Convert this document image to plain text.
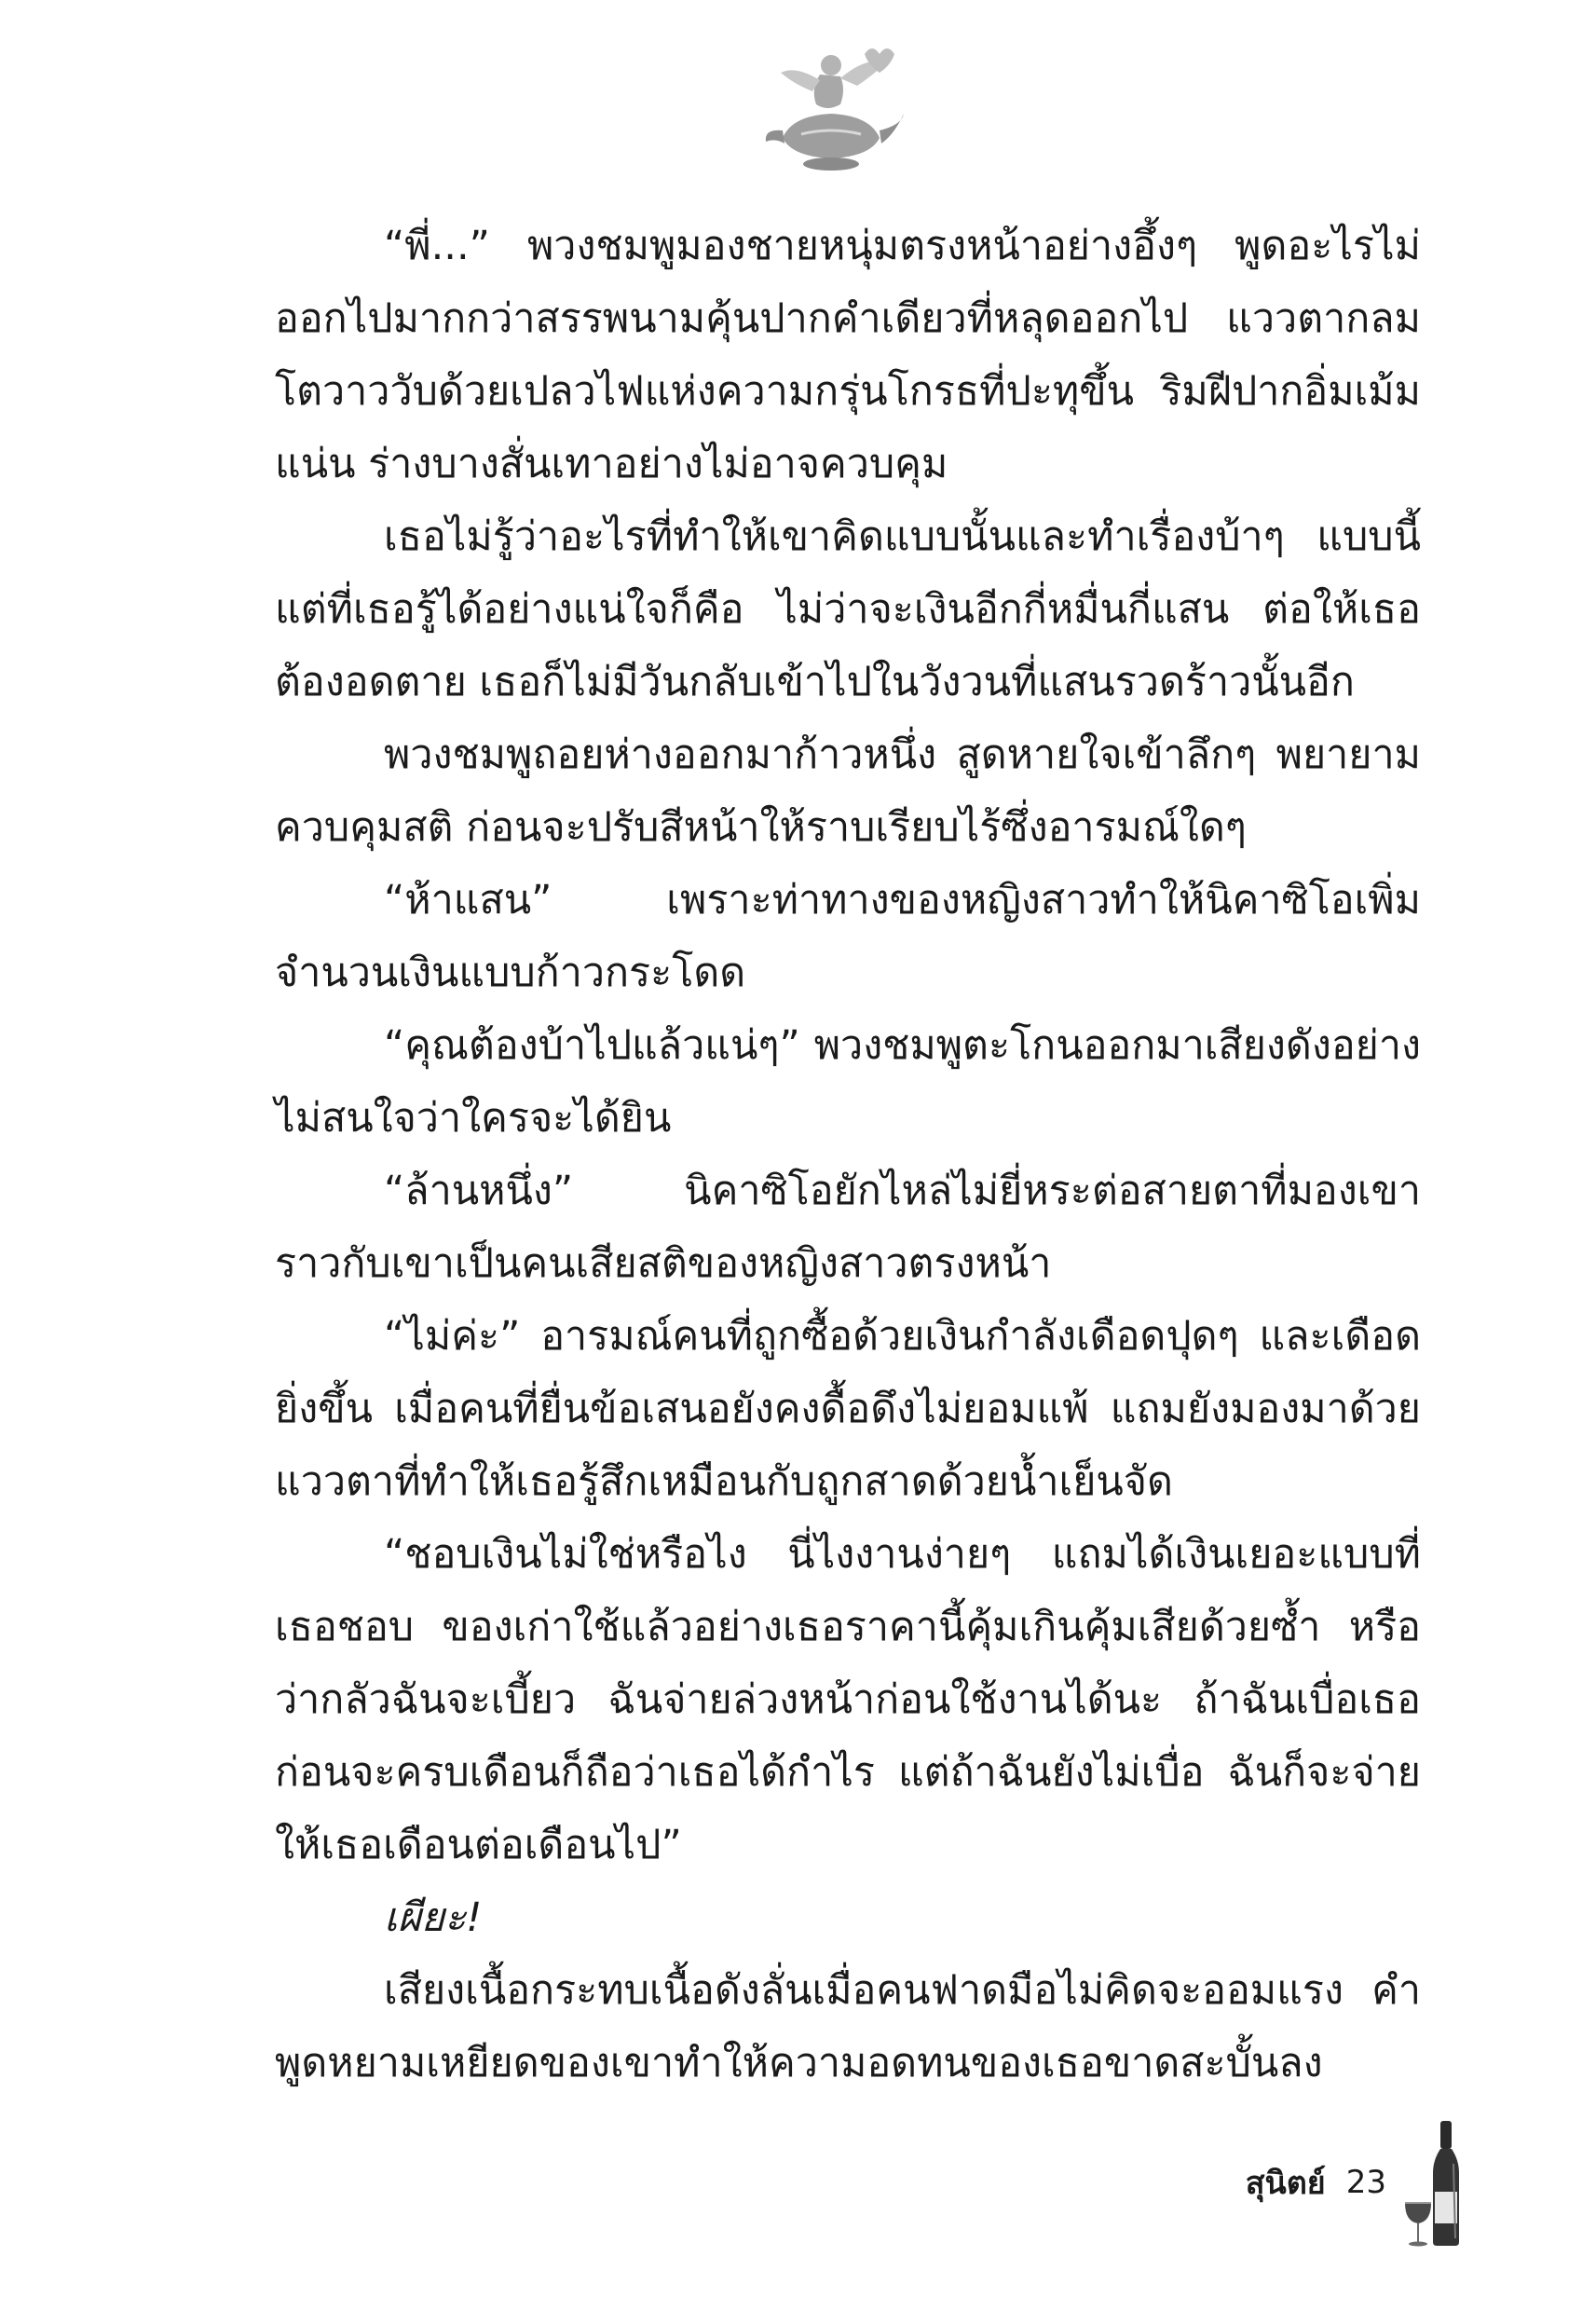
“พี่...” พวงชมพูมองชายหนุ่มตรงหน้าอย่างอึ้งๆ พูดอะไรไม่ออกไปมากกว่าสรรพนามคุ้นปากคำเดียวที่หลุดออกไป แววตากลมโตวาววับด้วยเปลวไฟแห่งความกรุ่นโกรธที่ปะทุขึ้น ริมฝีปากอิ่มเม้มแน่น ร่างบางสั่นเทาอย่างไม่อาจควบคุม

เธอไม่รู้ว่าอะไรที่ทำให้เขาคิดแบบนั้นและทำเรื่องบ้าๆ แบบนี้ แต่ที่เธอรู้ได้อย่างแน่ใจก็คือ ไม่ว่าจะเงินอีกกี่หมื่นกี่แสน ต่อให้เธอต้องอดตาย เธอก็ไม่มีวันกลับเข้าไปในวังวนที่แสนรวดร้าวนั้นอีก

พวงชมพูถอยห่างออกมาก้าวหนึ่ง สูดหายใจเข้าลึกๆ พยายามควบคุมสติ ก่อนจะปรับสีหน้าให้ราบเรียบไร้ซึ่งอารมณ์ใดๆ

“ห้าแสน” เพราะท่าทางของหญิงสาวทำให้นิคาซิโอเพิ่มจำนวนเงินแบบก้าวกระโดด

“คุณต้องบ้าไปแล้วแน่ๆ” พวงชมพูตะโกนออกมาเสียงดังอย่างไม่สนใจว่าใครจะได้ยิน

“ล้านหนึ่ง” นิคาซิโอยักไหล่ไม่ยี่หระต่อสายตาที่มองเขาราวกับเขาเป็นคนเสียสติของหญิงสาวตรงหน้า

“ไม่ค่ะ” อารมณ์คนที่ถูกซื้อด้วยเงินกำลังเดือดปุดๆ และเดือดยิ่งขึ้น เมื่อคนที่ยื่นข้อเสนอยังคงดื้อดึงไม่ยอมแพ้ แถมยังมองมาด้วยแววตาที่ทำให้เธอรู้สึกเหมือนกับถูกสาดด้วยน้ำเย็นจัด

“ชอบเงินไม่ใช่หรือไง นี่ไงงานง่ายๆ แถมได้เงินเยอะแบบที่เธอชอบ ของเก่าใช้แล้วอย่างเธอราคานี้คุ้มเกินคุ้มเสียด้วยซ้ำ หรือว่ากลัวฉันจะเบี้ยว ฉันจ่ายล่วงหน้าก่อนใช้งานได้นะ ถ้าฉันเบื่อเธอก่อนจะครบเดือนก็ถือว่าเธอได้กำไร แต่ถ้าฉันยังไม่เบื่อ ฉันก็จะจ่ายให้เธอเดือนต่อเดือนไป”

เผียะ!

เสียงเนื้อกระทบเนื้อดังลั่นเมื่อคนฟาดมือไม่คิดจะออมแรง คำพูดหยามเหยียดของเขาทำให้ความอดทนของเธอขาดสะบั้นลง

สุนิตย์ 23
